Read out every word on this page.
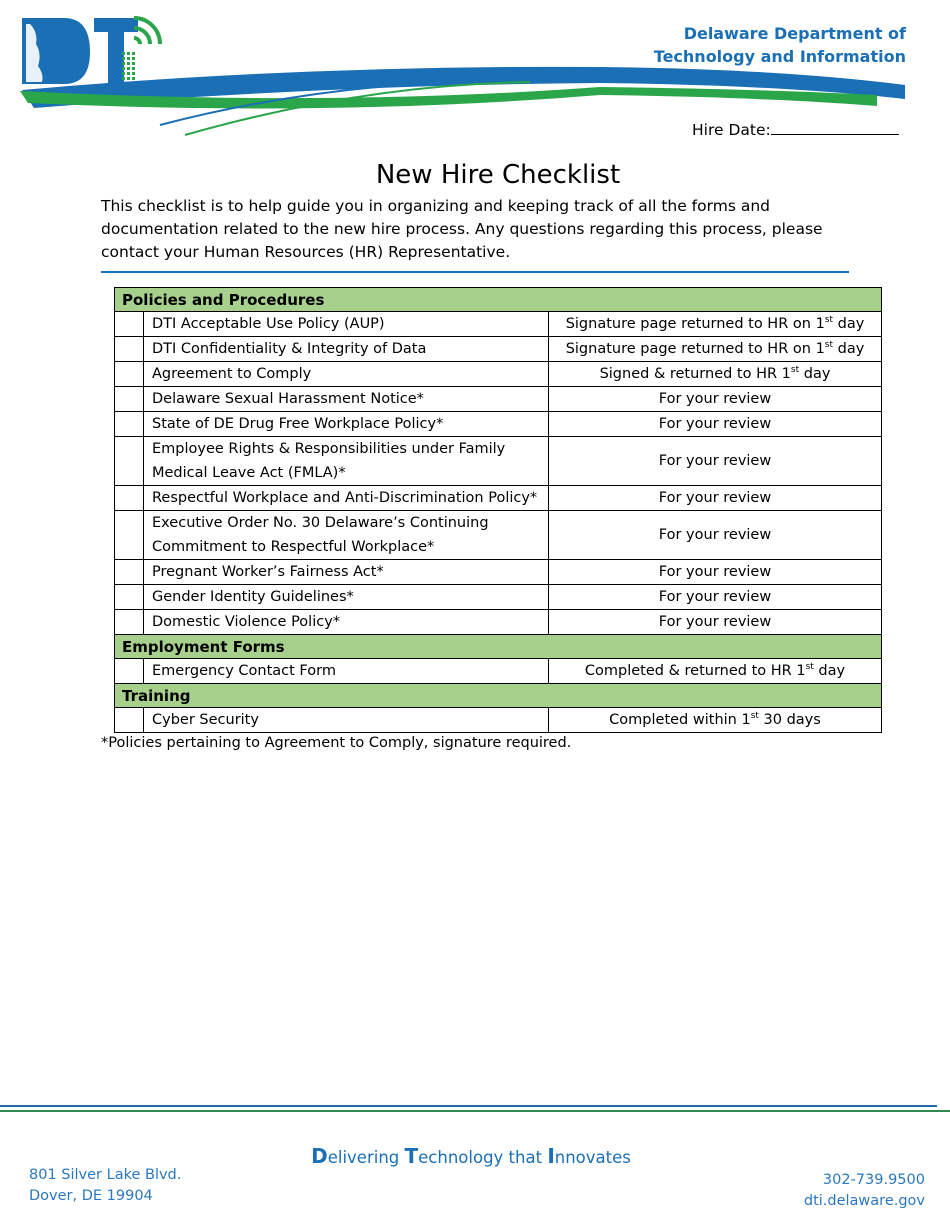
Delaware Department of
Technology and Information
Hire Date:
New Hire Checklist

This checklist is to help guide you in organizing and keeping track of all the forms and documentation related to the new hire process. Any questions regarding this process, please contact your Human Resources (HR) Representative.

Policies and Procedures		
	DTI Acceptable Use Policy (AUP)	Signature page returned to HR on 1st day
	DTI Confidentiality & Integrity of Data	Signature page returned to HR on 1st day
	Agreement to Comply	Signed & returned to HR 1st day
	Delaware Sexual Harassment Notice*	For your review
	State of DE Drug Free Workplace Policy*	For your review
	Employee Rights & Responsibilities under Family Medical Leave Act (FMLA)*	For your review
	Respectful Workplace and Anti-Discrimination Policy*	For your review
	Executive Order No. 30 Delaware’s Continuing Commitment to Respectful Workplace*	For your review
	Pregnant Worker’s Fairness Act*	For your review
	Gender Identity Guidelines*	For your review
	Domestic Violence Policy*	For your review
Employment Forms		
	Emergency Contact Form	Completed & returned to HR 1st day
Training		
	Cyber Security	Completed within 1st 30 days

*Policies pertaining to Agreement to Comply, signature required.

Delivering Technology that Innovates
801 Silver Lake Blvd.
Dover, DE 19904
302-739.9500
dti.delaware.gov
